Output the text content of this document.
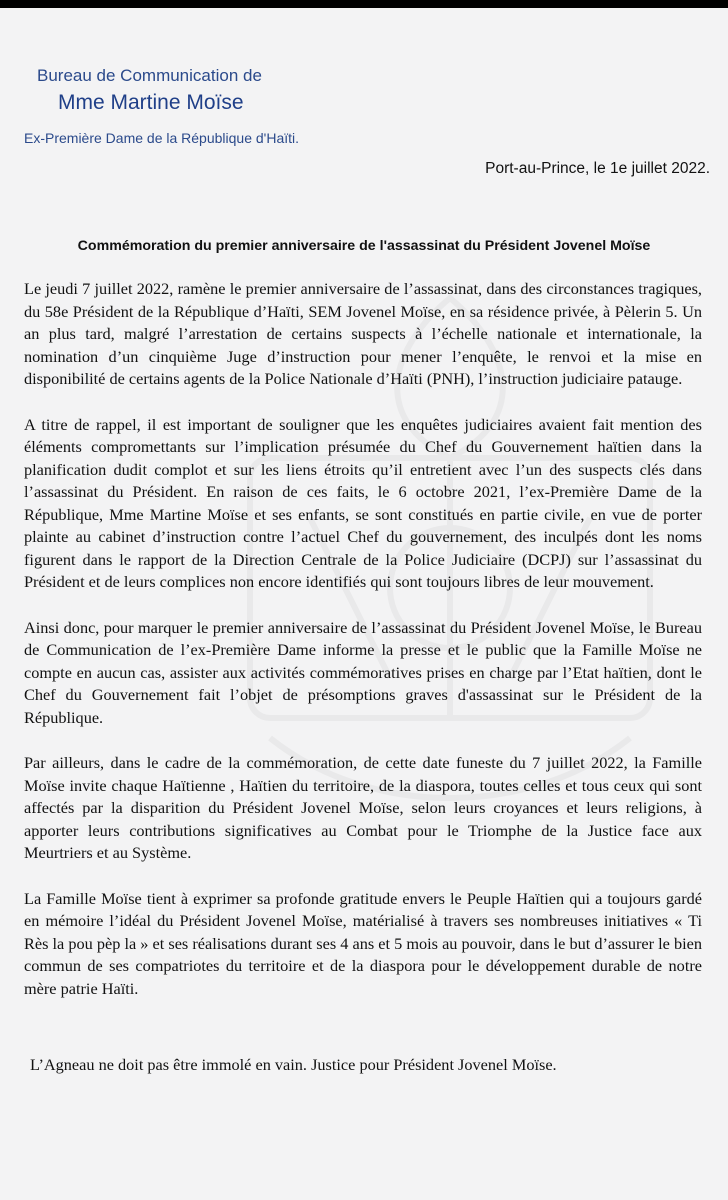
Bureau de Communication de
Mme Martine Moïse
Ex-Première Dame de la République d'Haïti.
Port-au-Prince, le 1e juillet 2022.
Commémoration du premier anniversaire de l'assassinat du Président Jovenel Moïse

Le jeudi 7 juillet 2022, ramène le premier anniversaire de l’assassinat, dans des circonstances tragiques, du 58e Président de la République d’Haïti, SEM Jovenel Moïse, en sa résidence privée, à Pèlerin 5. Un an plus tard, malgré l’arrestation de certains suspects à l’échelle nationale et internationale, la nomination d’un cinquième Juge d’instruction pour mener l’enquête, le renvoi et la mise en disponibilité de certains agents de la Police Nationale d’Haïti (PNH), l’instruction judiciaire patauge.

A titre de rappel, il est important de souligner que les enquêtes judiciaires avaient fait mention des éléments compromettants sur l’implication présumée du Chef du Gouvernement haïtien dans la planification dudit complot et sur les liens étroits qu’il entretient avec l’un des suspects clés dans l’assassinat du Président. En raison de ces faits, le 6 octobre 2021, l’ex-Première Dame de la République, Mme Martine Moïse et ses enfants, se sont constitués en partie civile, en vue de porter plainte au cabinet d’instruction contre l’actuel Chef du gouvernement, des inculpés dont les noms figurent dans le rapport de la Direction Centrale de la Police Judiciaire (DCPJ) sur l’assassinat du Président et de leurs complices non encore identifiés qui sont toujours libres de leur mouvement.

Ainsi donc, pour marquer le premier anniversaire de l’assassinat du Président Jovenel Moïse, le Bureau de Communication de l’ex-Première Dame informe la presse et le public que la Famille Moïse ne compte en aucun cas, assister aux activités commémoratives prises en charge par l’Etat haïtien, dont le Chef du Gouvernement fait l’objet de présomptions graves d'assassinat sur le Président de la République.

Par ailleurs, dans le cadre de la commémoration, de cette date funeste du 7 juillet 2022, la Famille Moïse invite chaque Haïtienne , Haïtien du territoire, de la diaspora, toutes celles et tous ceux qui sont affectés par la disparition du Président Jovenel Moïse, selon leurs croyances et leurs religions, à apporter leurs contributions significatives au Combat pour le Triomphe de la Justice face aux Meurtriers et au Système.

La Famille Moïse tient à exprimer sa profonde gratitude envers le Peuple Haïtien qui a toujours gardé en mémoire l’idéal du Président Jovenel Moïse, matérialisé à travers ses nombreuses initiatives « Ti Rès la pou pèp la » et ses réalisations durant ses 4 ans et 5 mois au pouvoir, dans le but d’assurer le bien commun de ses compatriotes du territoire et de la diaspora pour le développement durable de notre mère patrie Haïti.

L’Agneau ne doit pas être immolé en vain. Justice pour Président Jovenel Moïse.
